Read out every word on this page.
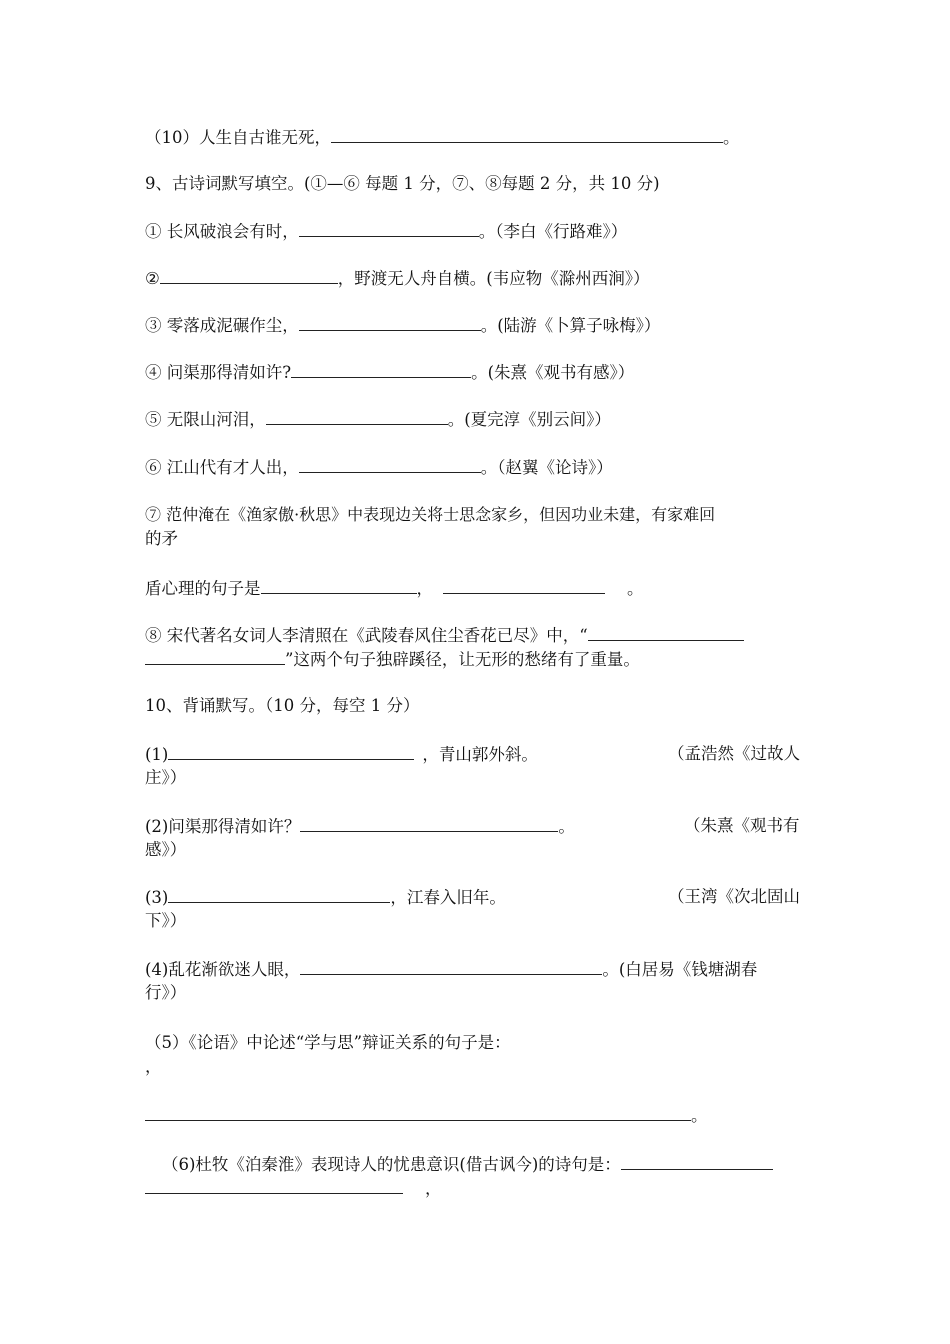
（10）人生自古谁无死，	。
9、古诗词默写填空。(①—⑥ 每题 1 分，⑦、⑧每题 2 分，共 10 分)
① 长风破浪会有时，	。（李白《行路难》）
②	，野渡无人舟自横。(韦应物《滁州西涧》）
③ 零落成泥碾作尘，	。(陆游《卜算子咏梅》）
④ 问渠那得清如许?	。(朱熹《观书有感》）
⑤ 无限山河泪，	。(夏完淳《别云间》）
⑥ 江山代有才人出，	。（赵翼《论诗》）
⑦ 范仲淹在《渔家傲·秋思》中表现边关将士思念家乡，但因功业未建，有家难回
的矛
盾心理的句子是	，	。
⑧ 宋代著名女词人李清照在《武陵春风住尘香花已尽》中，“
”这两个句子独辟蹊径，让无形的愁绪有了重量。
10、背诵默写。（10 分，每空 1 分）
(1)	，青山郭外斜。	（孟浩然《过故人
庄》）
(2)问渠那得清如许？	。	（朱熹《观书有
感》）
(3)	，江春入旧年。	（王湾《次北固山
下》）
(4)乱花渐欲迷人眼，	。(白居易《钱塘湖春
行》）
（5）《论语》中论述“学与思”辩证关系的句子是：
，
。
（6)杜牧《泊秦淮》表现诗人的忧患意识(借古讽今)的诗句是：
，
